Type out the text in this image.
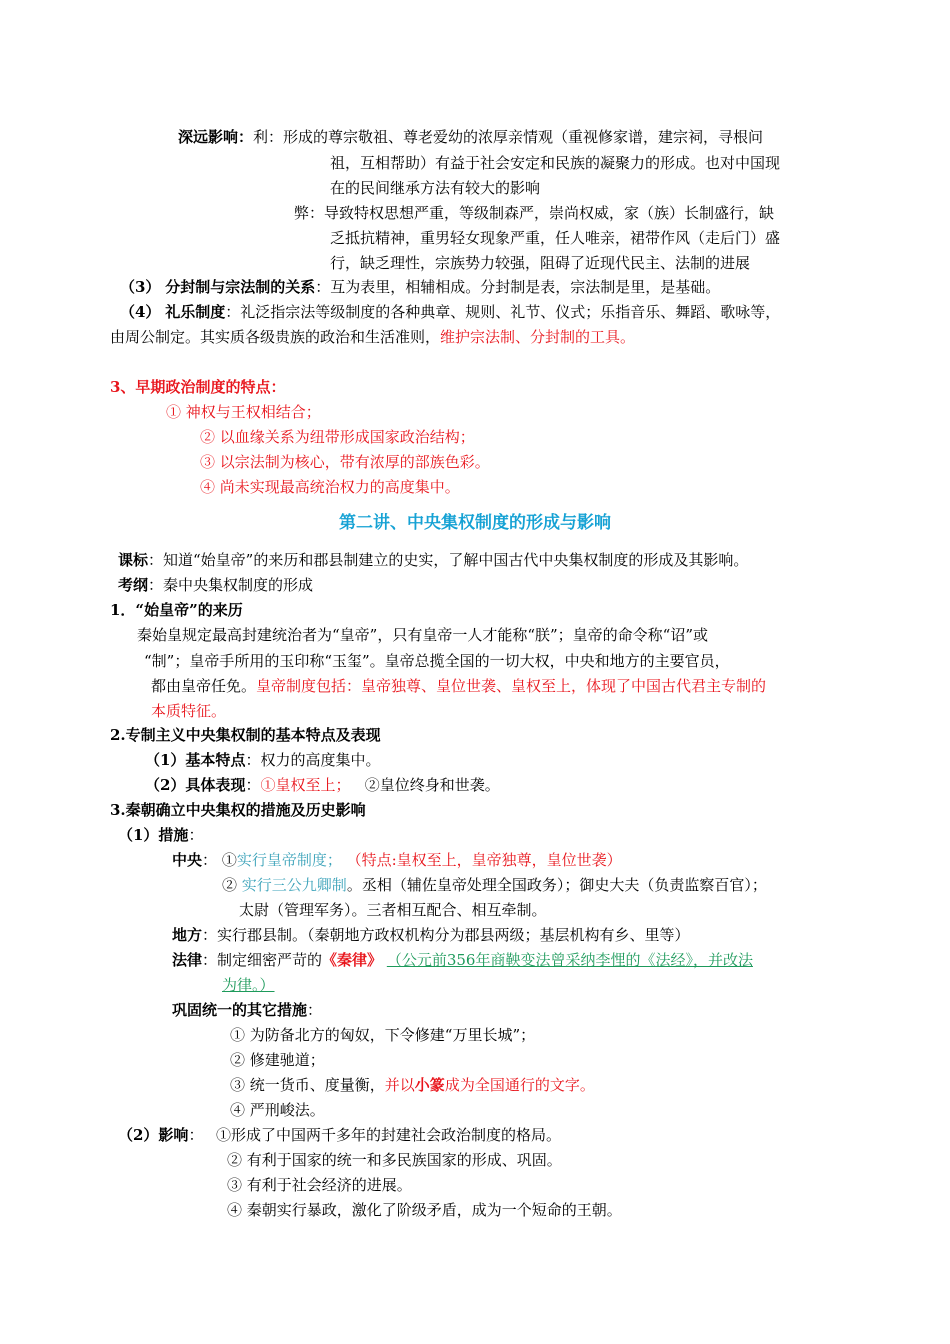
深远影响：利：形成的尊宗敬祖、尊老爱幼的浓厚亲情观（重视修家谱，建宗祠，寻根问
祖，互相帮助）有益于社会安定和民族的凝聚力的形成。也对中国现
在的民间继承方法有较大的影响
弊：导致特权思想严重，等级制森严，崇尚权威，家（族）长制盛行，缺
乏抵抗精神，重男轻女现象严重，任人唯亲，裙带作风（走后门）盛
行，缺乏理性，宗族势力较强，阻碍了近现代民主、法制的进展
（3） 分封制与宗法制的关系：互为表里，相辅相成。分封制是表，宗法制是里，是基础。
（4） 礼乐制度：礼泛指宗法等级制度的各种典章、规则、礼节、仪式；乐指音乐、舞蹈、歌咏等，
由周公制定。其实质各级贵族的政治和生活准则，维护宗法制、分封制的工具。
3、早期政治制度的特点：
① 神权与王权相结合；
② 以血缘关系为纽带形成国家政治结构；
③ 以宗法制为核心，带有浓厚的部族色彩。
④ 尚未实现最高统治权力的高度集中。
第二讲、中央集权制度的形成与影响
课标：知道“始皇帝”的来历和郡县制建立的史实，了解中国古代中央集权制度的形成及其影响。
考纲：秦中央集权制度的形成
1．“始皇帝”的来历
秦始皇规定最高封建统治者为“皇帝”，只有皇帝一人才能称“朕”；皇帝的命令称“诏”或
“制”；皇帝手所用的玉印称“玉玺”。皇帝总揽全国的一切大权，中央和地方的主要官员，
都由皇帝任免。皇帝制度包括：皇帝独尊、皇位世袭、皇权至上，体现了中国古代君主专制的
本质特征。
2.专制主义中央集权制的基本特点及表现
（1）基本特点：权力的高度集中。
（2）具体表现：①皇权至上； ②皇位终身和世袭。
3.秦朝确立中央集权的措施及历史影响
（1）措施：
中央： ①实行皇帝制度； （特点:皇权至上，皇帝独尊，皇位世袭）
② 实行三公九卿制。丞相（辅佐皇帝处理全国政务）；御史大夫（负责监察百官）；
太尉（管理军务）。三者相互配合、相互牵制。
地方：实行郡县制。（秦朝地方政权机构分为郡县两级；基层机构有乡、里等）
法律：制定细密严苛的《秦律》 （公元前356年商鞅变法曾采纳李悝的《法经》，并改法
为律。）
巩固统一的其它措施：
① 为防备北方的匈奴，下令修建“万里长城”；
② 修建驰道；
③ 统一货币、度量衡，并以小篆成为全国通行的文字。
④ 严刑峻法。
（2）影响： ①形成了中国两千多年的封建社会政治制度的格局。
② 有利于国家的统一和多民族国家的形成、巩固。
③ 有利于社会经济的进展。
④ 秦朝实行暴政，激化了阶级矛盾，成为一个短命的王朝。
